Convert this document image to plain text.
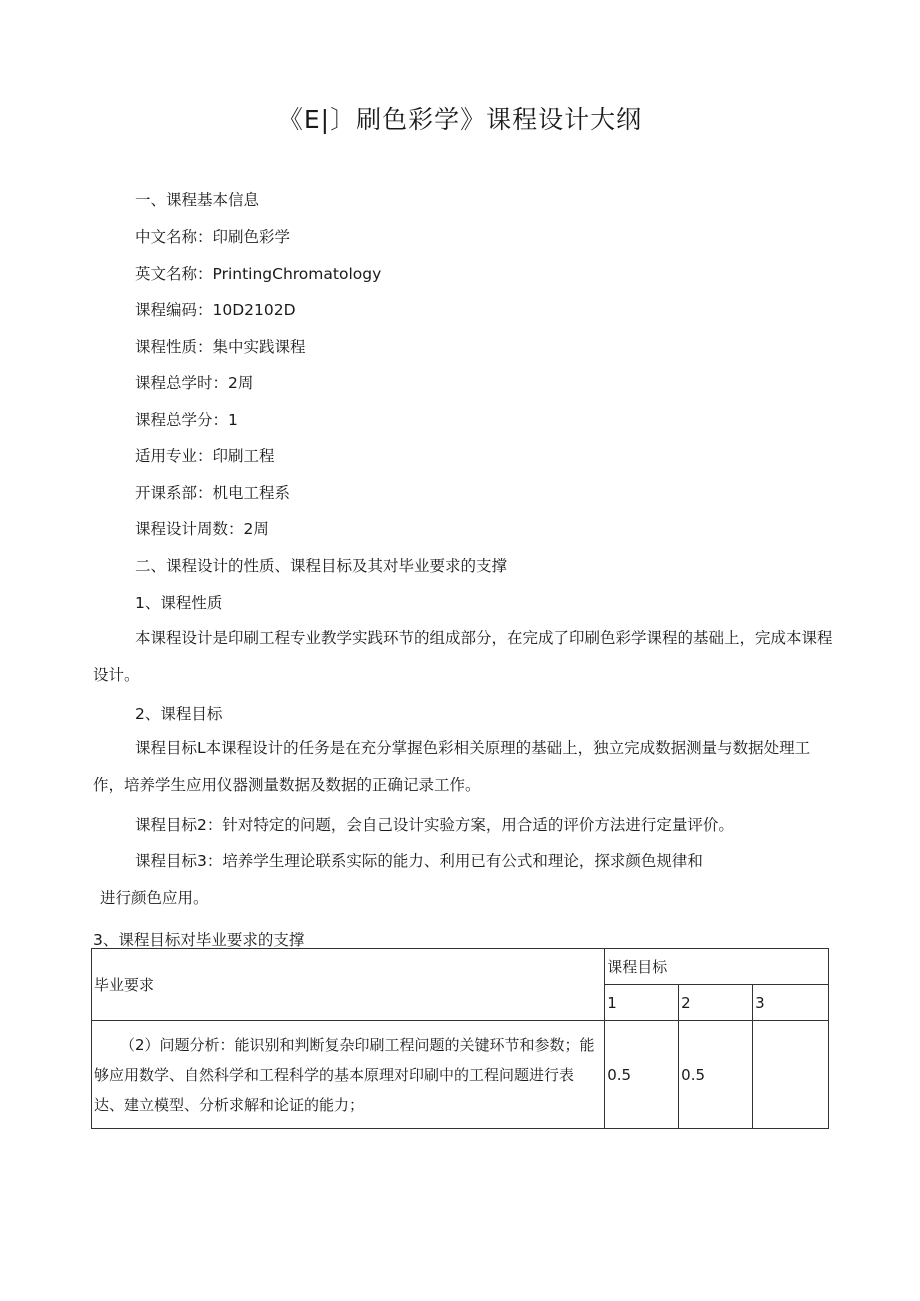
《E|〕刷色彩学》课程设计大纲
一、课程基本信息
中文名称：印刷色彩学
英文名称：PrintingChromatology
课程编码：10D2102D
课程性质：集中实践课程
课程总学时：2周
课程总学分：1
适用专业：印刷工程
开课系部：机电工程系
课程设计周数：2周
二、课程设计的性质、课程目标及其对毕业要求的支撑
1、课程性质
本课程设计是印刷工程专业教学实践环节的组成部分，在完成了印刷色彩学课程的基础上，完成本课程设计。
2、课程目标
课程目标L本课程设计的任务是在充分掌握色彩相关原理的基础上，独立完成数据测量与数据处理工作，培养学生应用仪器测量数据及数据的正确记录工作。
课程目标2：针对特定的问题，会自己设计实验方案，用合适的评价方法进行定量评价。
课程目标3：培养学生理论联系实际的能力、利用已有公式和理论，探求颜色规律和
进行颜色应用。
3、课程目标对毕业要求的支撑
毕业要求	课程目标		
	1	2	3
（2）问题分析：能识别和判断复杂印刷工程问题的关键环节和参数；能够应用数学、自然科学和工程科学的基本原理对印刷中的工程问题进行表达、建立模型、分析求解和论证的能力；	0.5	0.5	
